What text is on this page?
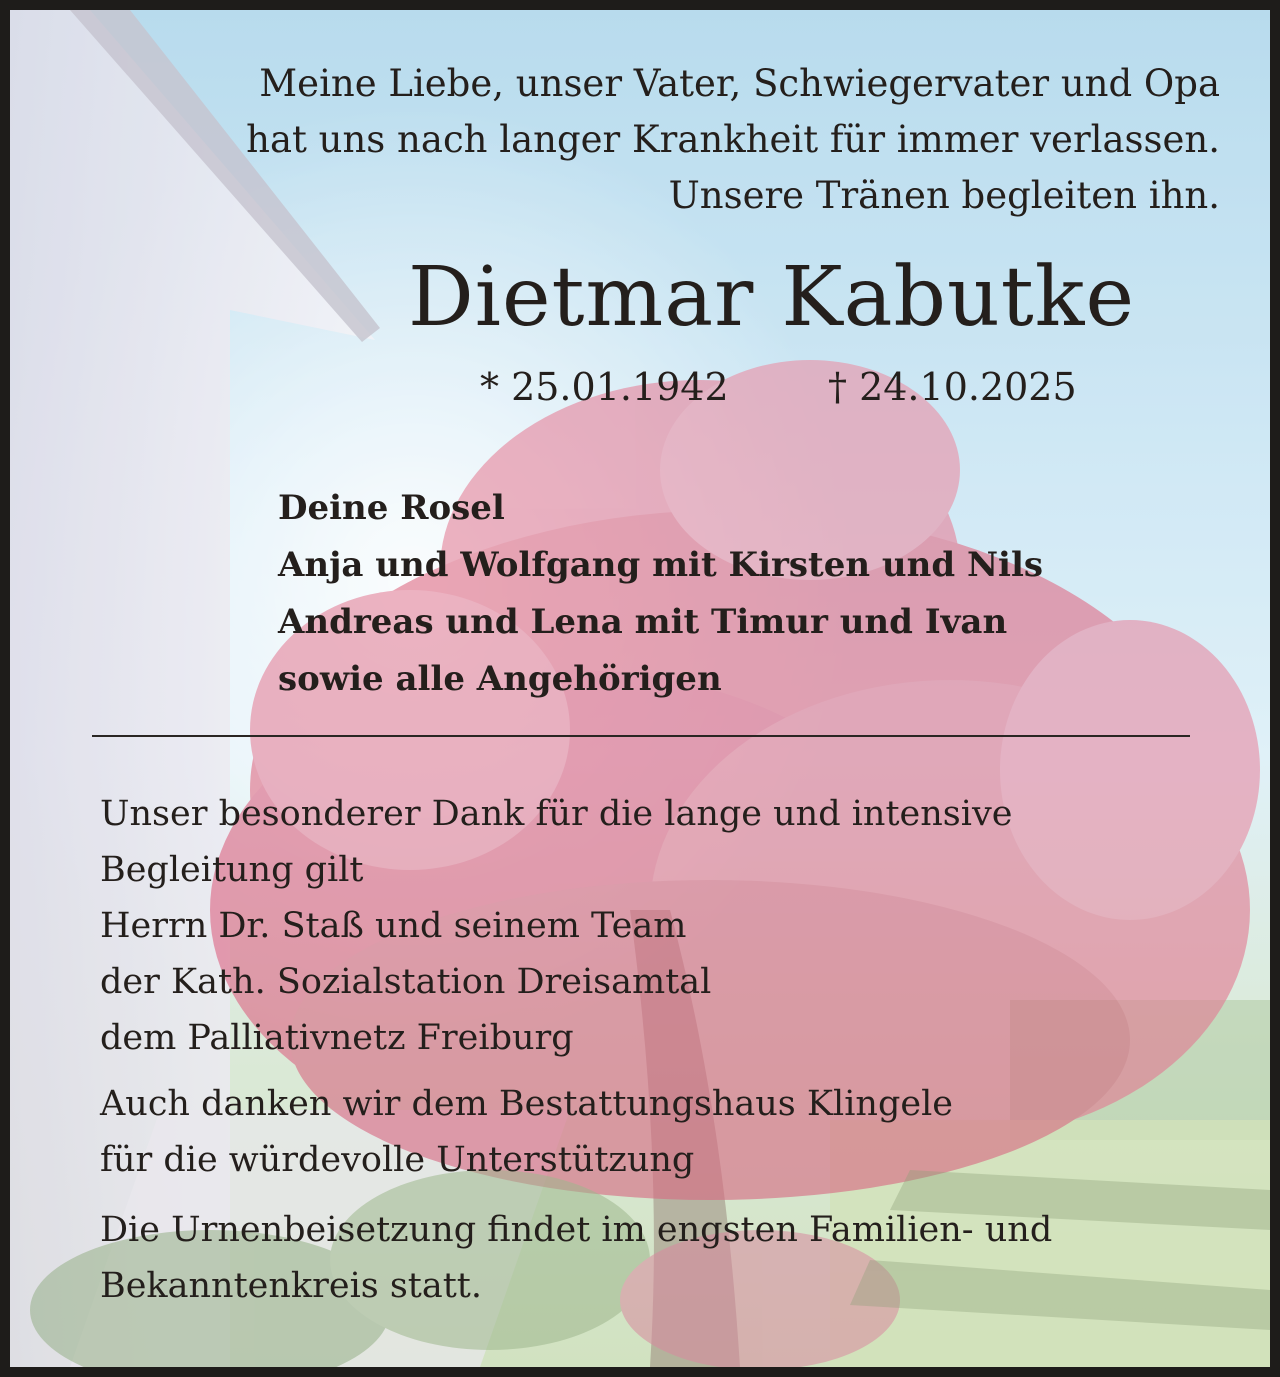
Meine Liebe, unser Vater, Schwiegervater und Opa
hat uns nach langer Krankheit für immer verlassen.
Unsere Tränen begleiten ihn.
Dietmar Kabutke
* 25.01.1942	† 24.10.2025
Deine Rosel
Anja und Wolfgang mit Kirsten und Nils
Andreas und Lena mit Timur und Ivan
sowie alle Angehörigen
Unser besonderer Dank für die lange und intensive
Begleitung gilt
Herrn Dr. Staß und seinem Team
der Kath. Sozialstation Dreisamtal
dem Palliativnetz Freiburg
Auch danken wir dem Bestattungshaus Klingele
für die würdevolle Unterstützung
Die Urnenbeisetzung findet im engsten Familien- und
Bekanntenkreis statt.
